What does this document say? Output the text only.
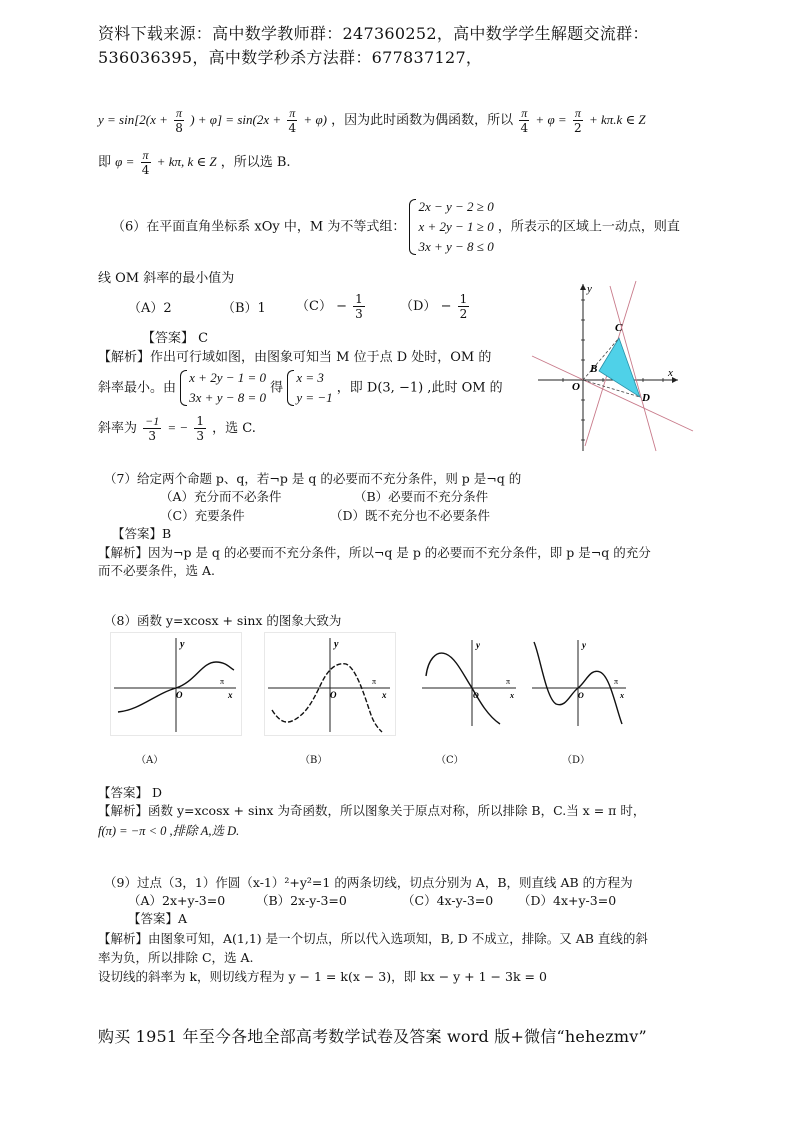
资料下载来源：高中数学教师群：247360252，高中数学学生解题交流群：
536036395，高中数学秒杀方法群：677837127，
$y = \sin[2(x + \frac{\pi}{8}$ ) + $\varphi] = \sin(2x + \frac{\pi}{4} + \varphi)$ ，因为此时函数为偶函数，所以 $\frac{\pi}{4} + \varphi = \frac{\pi}{2} + k\pi.k$ ∈ Z
即 $\varphi = \frac{\pi}{4} + k\pi$, k ∈ Z ，所以选 B.
（6）在平面直角坐标系 xOy 中，M 为不等式组：
2x − y − 2 ≥ 0
x + 2y − 1 ≥ 0
3x + y − 8 ≤ 0
，所表示的区域上一动点，则直
线 OM 斜率的最小值为
（A）2	（B）1 $(C) - \frac{1}{3}$	$(D) - \frac{1}{2}$
【答案】 C
【解析】作出可行域如图，由图象可知当 M 位于点 D 处时，OM 的
斜率最小。由
x + 2y − 1 = 0
3x + y − 8 = 0
得
x = 3
y = −1
，即 D(3, −1) ,此时 OM 的
斜率为 $\frac{-1}{3}$ = − $\frac{1}{3}$ ，选 C.
y
x
O
B
C
D
（7）给定两个命题 p、q，若¬p 是 q 的必要而不充分条件，则 p 是¬q 的
（A）充分而不必条件	（B）必要而不充分条件
（C）充要条件	（D）既不充分也不必要条件
【答案】B
【解析】因为¬p 是 q 的必要而不充分条件，所以¬q 是 p 的必要而不充分条件，即 p 是¬q 的充分
而不必要条件，选 A.
（8）函数 y=xcosx + sinx 的图象大致为
y
x
π
O
y
x
π
O
y
x
π
O
y
x
π
O
（A）	（B）	（C）	（D）
【答案】 D
【解析】函数 y=xcosx + sinx 为奇函数，所以图象关于原点对称，所以排除 B，C.当 x = π 时，
f(π) = −π < 0 ,排除 A,选 D.
（9）过点（3，1）作圆（x-1）²+y²=1 的两条切线，切点分别为 A，B，则直线 AB 的方程为
（A）2x+y-3=0 （B）2x-y-3=0	（C）4x-y-3=0 （D）4x+y-3=0
【答案】A
【解析】由图象可知，A(1,1) 是一个切点，所以代入选项知，B, D 不成立，排除。又 AB 直线的斜
率为负，所以排除 C，选 A.
设切线的斜率为 k，则切线方程为 y − 1 = k(x − 3)，即 kx − y + 1 − 3k = 0
购买 1951 年至今各地全部高考数学试卷及答案 word 版+微信“hehezmv”
